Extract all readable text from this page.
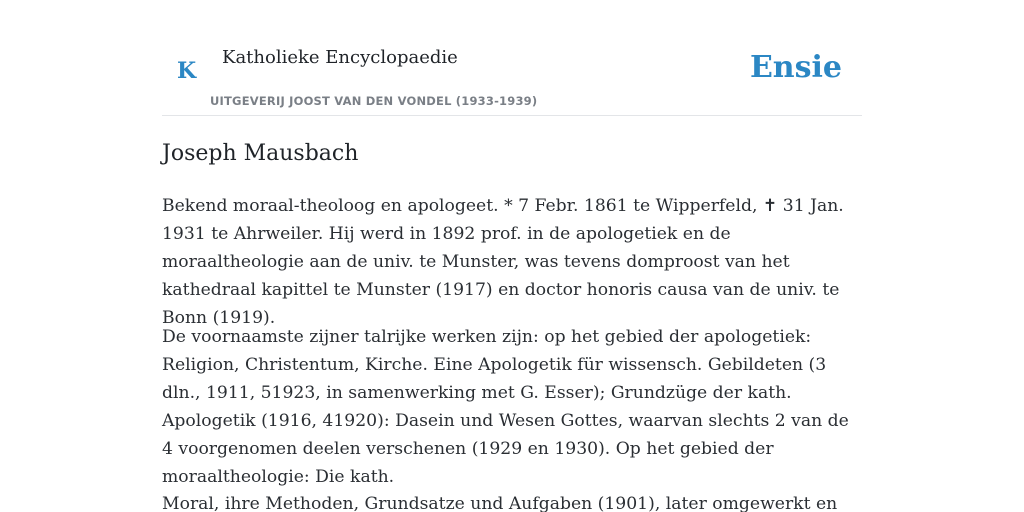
K
Katholieke Encyclopaedie
UITGEVERIJ JOOST VAN DEN VONDEL (1933-1939)
Ensie
Joseph Mausbach

Bekend moraal-theoloog en apologeet. * 7 Febr. 1861 te Wipperfeld, ✝ 31 Jan. 1931 te Ahrweiler. Hij werd in 1892 prof. in de apologetiek en de moraaltheologie aan de univ. te Munster, was tevens domproost van het kathedraal kapittel te Munster (1917) en doctor honoris causa van de univ. te Bonn (1919).

De voornaamste zijner talrijke werken zijn: op het gebied der apologetiek: Religion, Christentum, Kirche. Eine Apologetik für wissensch. Gebildeten (3 dln., 1911, 51923, in samenwerking met G. Esser); Grundzüge der kath. Apologetik (1916, 41920): Dasein und Wesen Gottes, waarvan slechts 2 van de 4 voorgenomen deelen verschenen (1929 en 1930). Op het gebied der moraaltheologie: Die kath.

Moral, ihre Methoden, Grundsatze und Aufgaben (1901), later omgewerkt en
